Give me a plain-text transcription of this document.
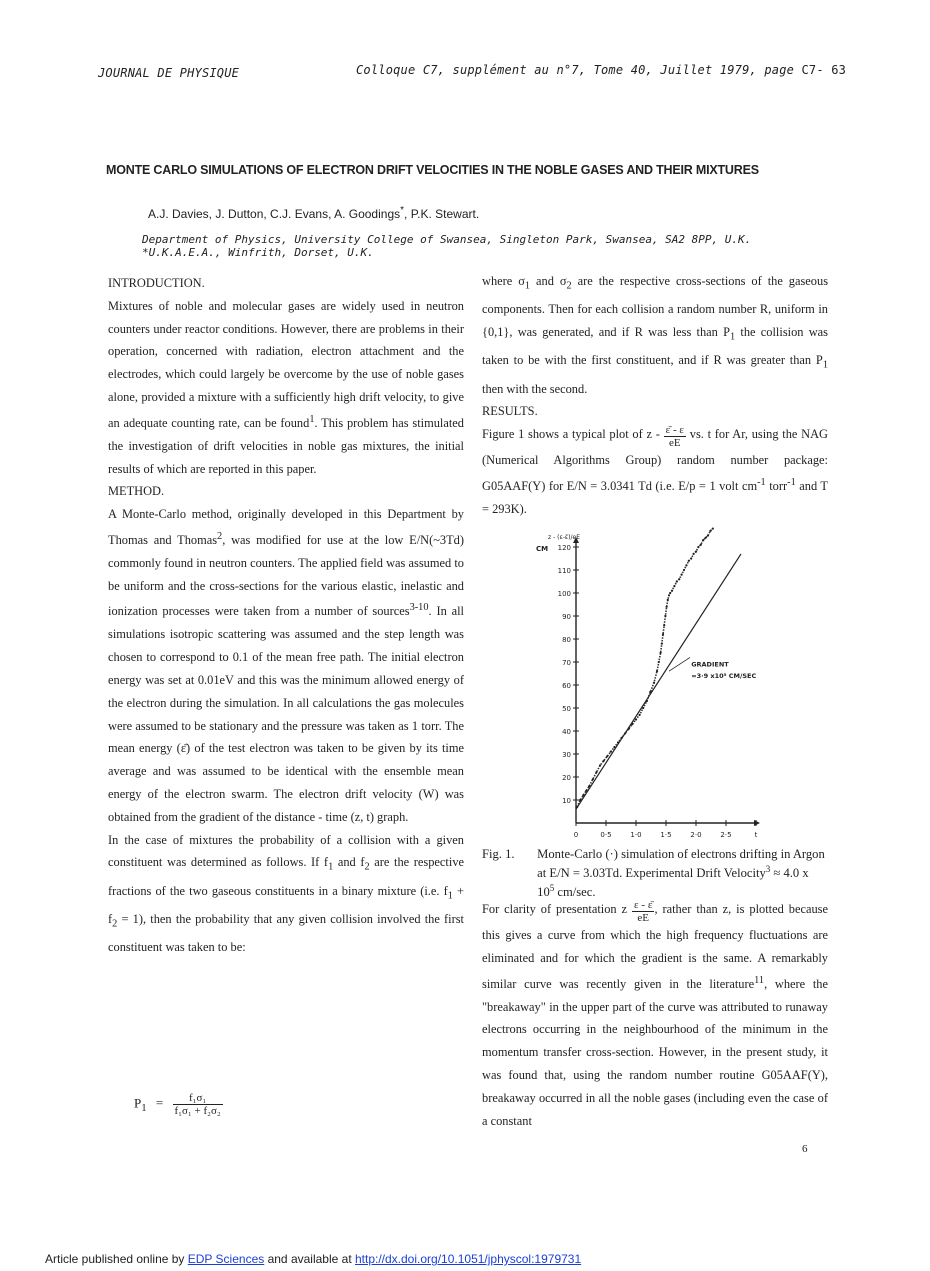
JOURNAL DE PHYSIQUE	Colloque C7, supplément au n°7, Tome 40, Juillet 1979, page C7- 63
MONTE CARLO SIMULATIONS OF ELECTRON DRIFT VELOCITIES IN THE NOBLE GASES AND THEIR MIXTURES
A.J. Davies, J. Dutton, C.J. Evans, A. Goodings*, P.K. Stewart.
Department of Physics, University College of Swansea, Singleton Park, Swansea, SA2 8PP, U.K.
*U.K.A.E.A., Winfrith, Dorset, U.K.

INTRODUCTION.

Mixtures of noble and molecular gases are widely used in neutron counters under reactor conditions. However, there are problems in their operation, concerned with radiation, electron attachment and the electrodes, which could largely be overcome by the use of noble gases alone, provided a mixture with a sufficiently high drift velocity, to give an adequate counting rate, can be found$^1$. This problem has stimulated the investigation of drift velocities in noble gas mixtures, the initial results of which are reported in this paper.

METHOD.

A Monte-Carlo method, originally developed in this Department by Thomas and Thomas$^2$, was modified for use at the low E/N(~3Td) commonly found in neutron counters. The applied field was assumed to be uniform and the cross-sections for the various elastic, inelastic and ionization processes were taken from a number of sources$^{3-10}$. In all simulations isotropic scattering was assumed and the step length was chosen to correspond to 0.1 of the mean free path. The initial electron energy was set at 0.01eV and this was the minimum allowed energy of the electron during the simulation. In all calculations the gas molecules were assumed to be stationary and the pressure was taken as 1 torr. The mean energy (ε̄) of the test electron was taken to be given by its time average and was assumed to be identical with the ensemble mean energy of the electron swarm. The electron drift velocity (W) was obtained from the gradient of the distance - time (z, t) graph.

In the case of mixtures the probability of a collision with a given constituent was determined as follows. If $f_1$ and $f_2$ are the respective fractions of the two gaseous constituents in a binary mixture (i.e. $f_1 + f_2 = 1$), then the probability that any given collision involved the first constituent was taken to be:

$P_1 = \frac{\text{f₁σ₁}}{\text{f₁σ₁ + f₂σ₂}}$

where $\sigma_1$ and $\sigma_2$ are the respective cross-sections of the gaseous components. Then for each collision a random number R, uniform in {0,1}, was generated, and if R was less than $P_1$ the collision was taken to be with the first constituent, and if R was greater than $P_1$ then with the second.

RESULTS.

Figure 1 shows a typical plot of z - $\frac{\varepsilon̄ - \varepsilon}{eE}$ vs. t for Ar, using the NAG (Numerical Algorithms Group) random number package: G05AAF(Y) for E/N = 3.0341 Td (i.e. E/p = 1 volt $cm^{-1}$ torr$^{-1}$ and T = 293K).

10
20
30
40
50
60
70
80
90
100
110
120
0	0·5	1·0	1·5	2·0	2·5	t
z - (ε-ε̄)/eE
CM
GRADIENT
=3·9 x10⁵ CM/SEC
Fig. 1. Monte-Carlo (·) simulation of electrons drifting in Argon at E/N = 3.03Td. Experimental Drift Velocity$^3$ ≈ 4.0 x $10^5$ cm/sec.

For clarity of presentation z $\frac{\varepsilon - \varepsilon̄}{eE}$ , rather than z, is plotted because this gives a curve from which the high frequency fluctuations are eliminated and for which the gradient is the same. A remarkably similar curve was recently given in the literature$^{11}$, where the "breakaway" in the upper part of the curve was attributed to runaway electrons occurring in the neighbourhood of the minimum in the momentum transfer cross-section. However, in the present study, it was found that, using the random number routine G05AAF(Y), breakaway occurred in all the noble gases (including even the case of a constant

6
Article published online by EDP Sciences and available at http://dx.doi.org/10.1051/jphyscol:1979731
